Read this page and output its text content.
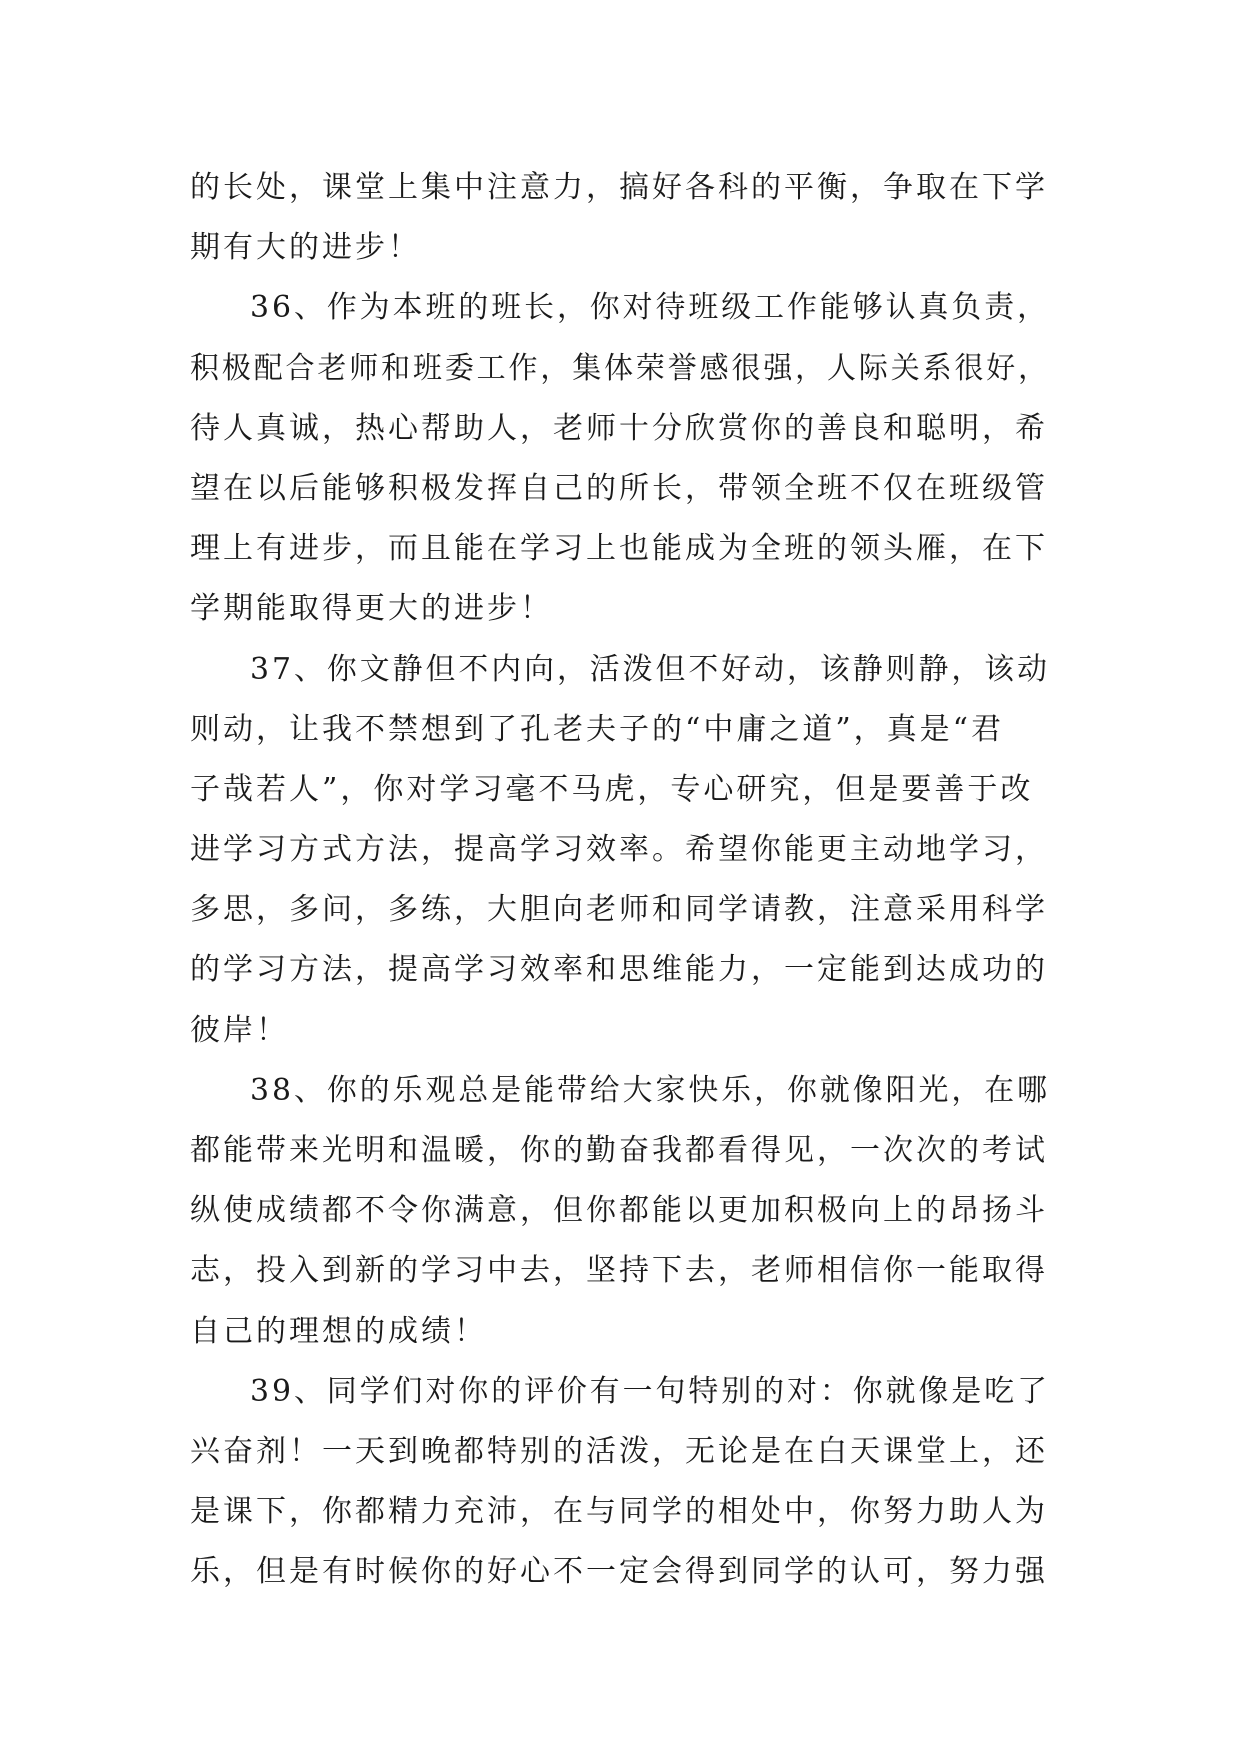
的长处，课堂上集中注意力，搞好各科的平衡，争取在下学
期有大的进步！
36、作为本班的班长，你对待班级工作能够认真负责，
积极配合老师和班委工作，集体荣誉感很强，人际关系很好，
待人真诚，热心帮助人，老师十分欣赏你的善良和聪明，希
望在以后能够积极发挥自己的所长，带领全班不仅在班级管
理上有进步，而且能在学习上也能成为全班的领头雁，在下
学期能取得更大的进步！
37、你文静但不内向，活泼但不好动，该静则静，该动
则动，让我不禁想到了孔老夫子的“中庸之道”，真是“君
子哉若人”，你对学习毫不马虎，专心研究，但是要善于改
进学习方式方法，提高学习效率。希望你能更主动地学习，
多思，多问，多练，大胆向老师和同学请教，注意采用科学
的学习方法，提高学习效率和思维能力，一定能到达成功的
彼岸！
38、你的乐观总是能带给大家快乐，你就像阳光，在哪
都能带来光明和温暖，你的勤奋我都看得见，一次次的考试
纵使成绩都不令你满意，但你都能以更加积极向上的昂扬斗
志，投入到新的学习中去，坚持下去，老师相信你一能取得
自己的理想的成绩！
39、同学们对你的评价有一句特别的对：你就像是吃了
兴奋剂！一天到晚都特别的活泼，无论是在白天课堂上，还
是课下，你都精力充沛，在与同学的相处中，你努力助人为
乐，但是有时候你的好心不一定会得到同学的认可，努力强
